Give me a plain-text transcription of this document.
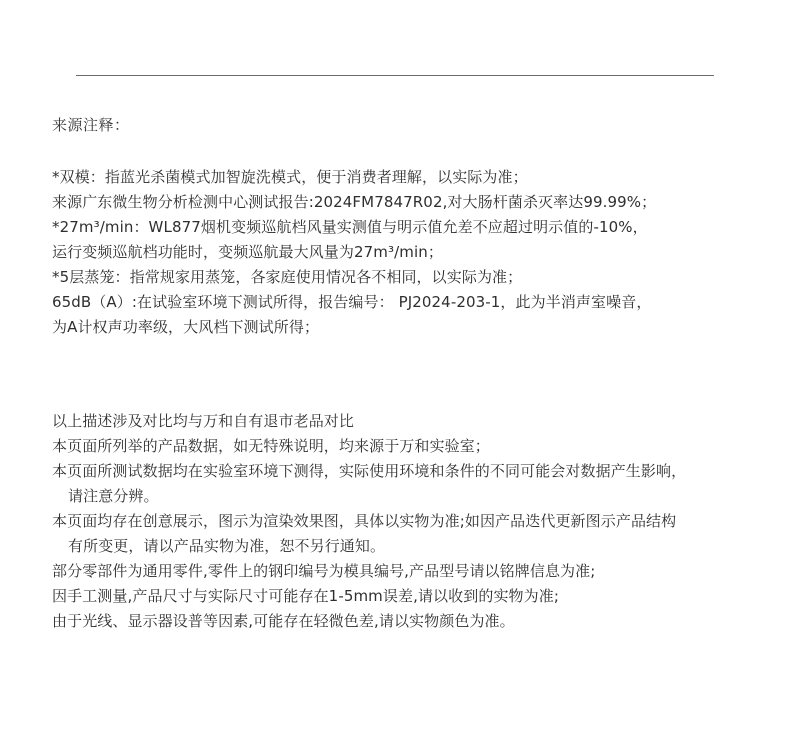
来源注释：
*双模：指蓝光杀菌模式加智旋洗模式，便于消费者理解，以实际为准；
来源广东微生物分析检测中心测试报告:2024FM7847R02,对大肠杆菌杀灭率达99.99%；
*27m³/min：WL877烟机变频巡航档风量实测值与明示值允差不应超过明示值的-10%，
运行变频巡航档功能时，变频巡航最大风量为27m³/min；
*5层蒸笼：指常规家用蒸笼，各家庭使用情况各不相同，以实际为准；
65dB（A）:在试验室环境下测试所得，报告编号： PJ2024-203-1，此为半消声室噪音，
为A计权声功率级，大风档下测试所得；
以上描述涉及对比均与万和自有退市老品对比
本页面所列举的产品数据，如无特殊说明，均来源于万和实验室；
本页面所测试数据均在实验室环境下测得，实际使用环境和条件的不同可能会对数据产生影响，
请注意分辨。
本页面均存在创意展示，图示为渲染效果图，具体以实物为准;如因产品迭代更新图示产品结构
有所变更，请以产品实物为准，恕不另行通知。
部分零部件为通用零件,零件上的钢印编号为模具编号,产品型号请以铭牌信息为准;
因手工测量,产品尺寸与实际尺寸可能存在1-5mm误差,请以收到的实物为准;
由于光线、显示器设普等因素,可能存在轻微色差,请以实物颜色为准。
